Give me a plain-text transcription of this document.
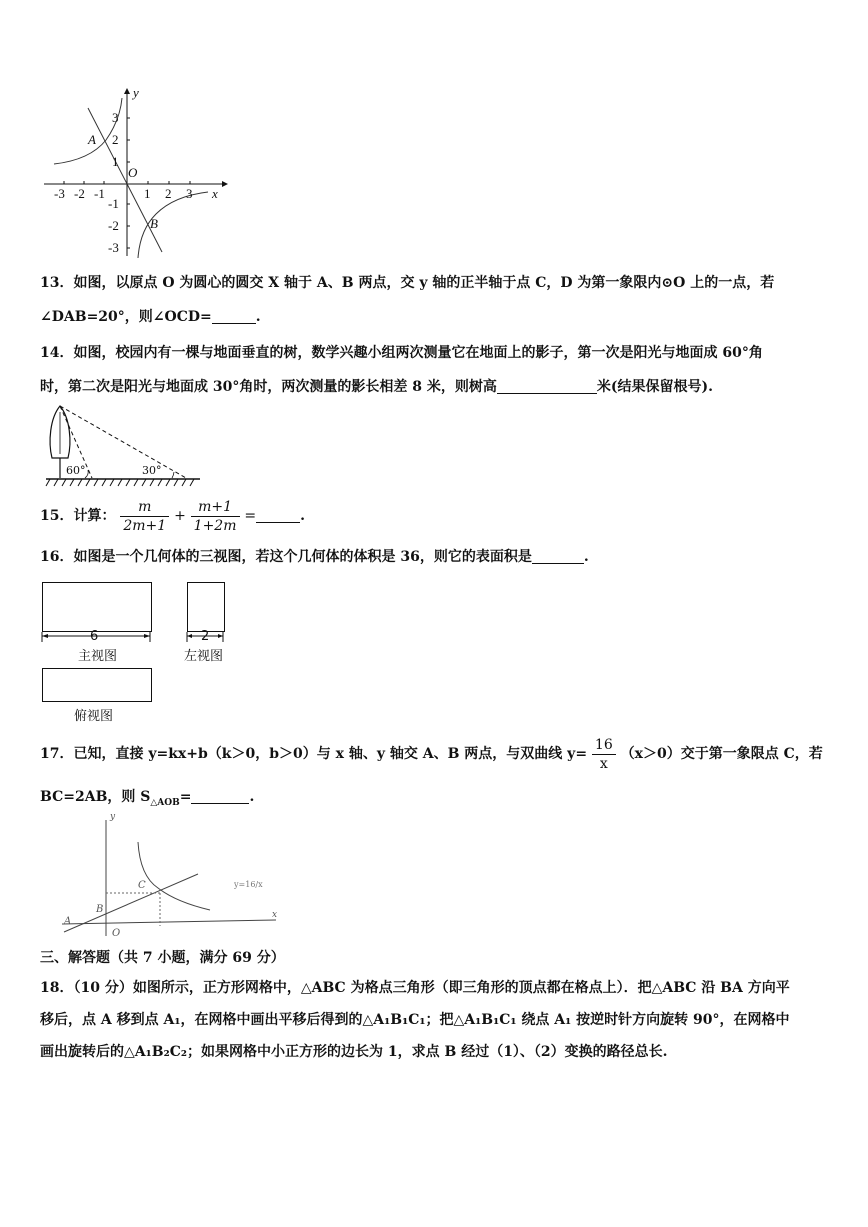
y
x
O
A
B
3
2
1
-1
-2
-3
-3 -2 -1	1 2 3
13．如图，以原点 O 为圆心的圆交 X 轴于 A、B 两点，交 y 轴的正半轴于点 C，D 为第一象限内⊙O 上的一点，若
∠DAB=20°，则∠OCD=	.
14．如图，校园内有一棵与地面垂直的树，数学兴趣小组两次测量它在地面上的影子，第一次是阳光与地面成 60°角
时，第二次是阳光与地面成 30°角时，两次测量的影长相差 8 米，则树高	米(结果保留根号).
60°	30°
15．计算： $\frac{m}{2m+1} + \frac{m+1}{1+2m}$ =	.
16．如图是一个几何体的三视图，若这个几何体的体积是 36，则它的表面积是	.
6
主视图
2
左视图
俯视图
17．已知，直接 y=kx+b（k＞0，b＞0）与 x 轴、y 轴交 A、B 两点，与双曲线 $y= \frac{16}{x} (x>0)$交于第一象限点 C，若
BC=2AB，则 $S_{\triangle AOB}=$	.
y
x
O
A
B
C	y=16/x
三、解答题（共 7 小题，满分 69 分）
18．（10 分）如图所示，正方形网格中，△ABC 为格点三角形（即三角形的顶点都在格点上）．把△ABC 沿 BA 方向平
移后，点 A 移到点 A₁，在网格中画出平移后得到的△A₁B₁C₁；把△A₁B₁C₁ 绕点 A₁ 按逆时针方向旋转 90°，在网格中
画出旋转后的△A₁B₂C₂；如果网格中小正方形的边长为 1，求点 B 经过（1）、（2）变换的路径总长.
